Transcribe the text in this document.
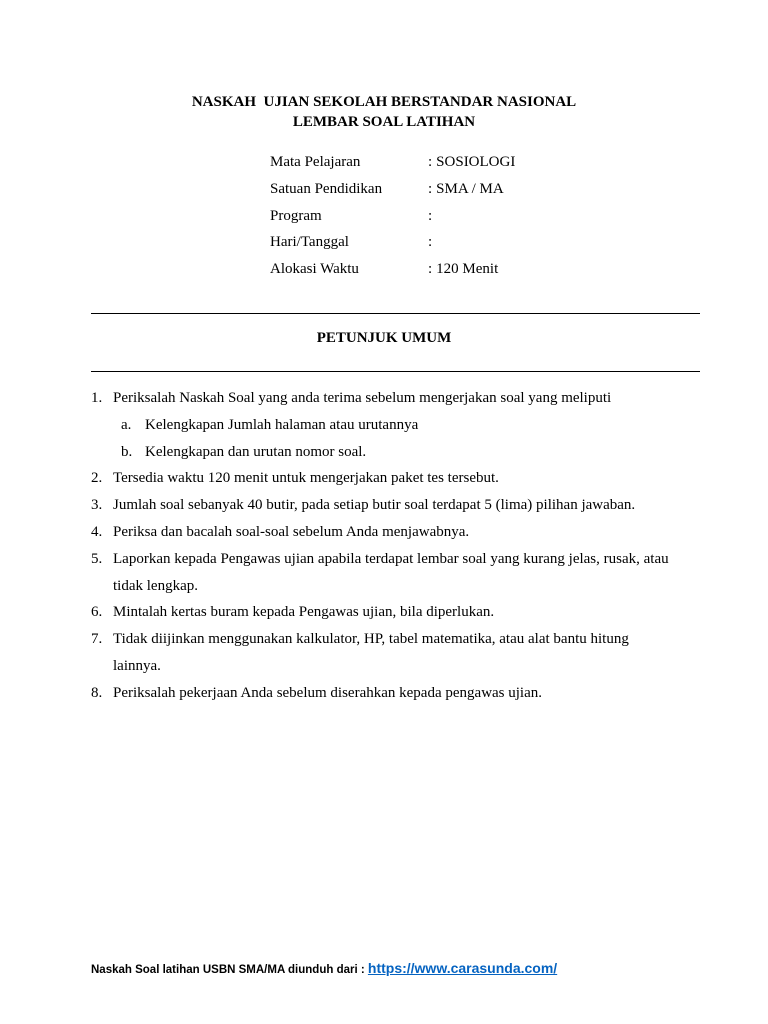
NASKAH  UJIAN SEKOLAH BERSTANDAR NASIONAL
LEMBAR SOAL LATIHAN
Mata Pelajaran	: SOSIOLOGI
Satuan Pendidikan	: SMA / MA
Program	:
Hari/Tanggal	:
Alokasi Waktu	: 120 Menit
PETUNJUK UMUM
1. Periksalah Naskah Soal yang anda terima sebelum mengerjakan soal yang meliputi
a. Kelengkapan Jumlah halaman atau urutannya
b. Kelengkapan dan urutan nomor soal.
2. Tersedia waktu 120 menit untuk mengerjakan paket tes tersebut.
3. Jumlah soal sebanyak 40 butir, pada setiap butir soal terdapat 5 (lima) pilihan jawaban.
4. Periksa dan bacalah soal-soal sebelum Anda menjawabnya.
5. Laporkan kepada Pengawas ujian apabila terdapat lembar soal yang kurang jelas, rusak, atau tidak lengkap.
6. Mintalah kertas buram kepada Pengawas ujian, bila diperlukan.
7. Tidak diijinkan menggunakan kalkulator, HP, tabel matematika, atau alat bantu hitung lainnya.
8. Periksalah pekerjaan Anda sebelum diserahkan kepada pengawas ujian.
Naskah Soal latihan USBN SMA/MA diunduh dari : https://www.carasunda.com/
